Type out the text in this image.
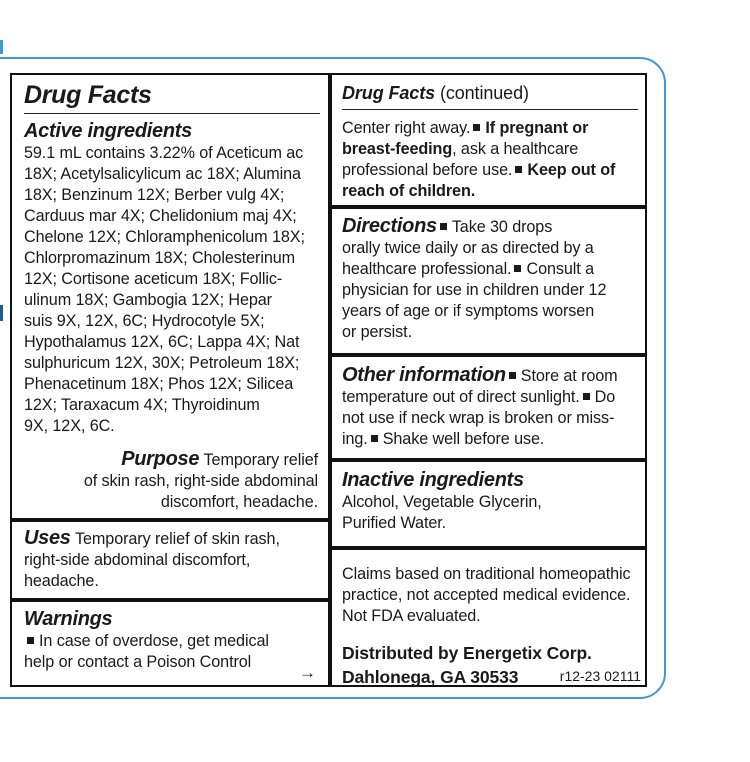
Drug Facts
Active ingredients
59.1 mL contains 3.22% of Aceticum ac
18X; Acetylsalicylicum ac 18X; Alumina
18X; Benzinum 12X; Berber vulg 4X;
Carduus mar 4X; Chelidonium maj 4X;
Chelone 12X; Chloramphenicolum 18X;
Chlorpromazinum 18X; Cholesterinum
12X; Cortisone aceticum 18X; Follic-
ulinum 18X; Gambogia 12X; Hepar
suis 9X, 12X, 6C; Hydrocotyle 5X;
Hypothalamus 12X, 6C; Lappa 4X; Nat
sulphuricum 12X, 30X; Petroleum 18X;
Phenacetinum 18X; Phos 12X; Silicea
12X; Taraxacum 4X; Thyroidinum
9X, 12X, 6C.
Purpose Temporary relief
of skin rash, right-side abdominal
discomfort, headache.
Uses Temporary relief of skin rash,
right-side abdominal discomfort,
headache.
Warnings
In case of overdose, get medical
help or contact a Poison Control
→
Drug Facts (continued)
Center right away. If pregnant or
breast-feeding, ask a healthcare
professional before use. Keep out of
reach of children.
Directions Take 30 drops
orally twice daily or as directed by a
healthcare professional. Consult a
physician for use in children under 12
years of age or if symptoms worsen
or persist.
Other information Store at room
temperature out of direct sunlight. Do
not use if neck wrap is broken or miss-
ing. Shake well before use.
Inactive ingredients
Alcohol, Vegetable Glycerin,
Purified Water.
Claims based on traditional homeopathic
practice, not accepted medical evidence.
Not FDA evaluated.
Distributed by Energetix Corp.
Dahlonega, GA 30533	r12-23 02111
